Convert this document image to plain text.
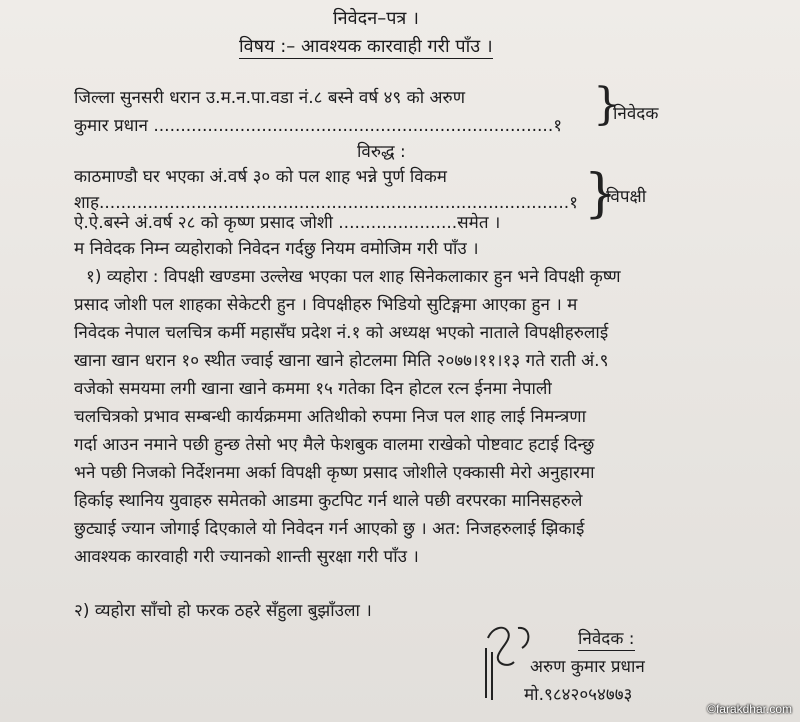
निवेदन–पत्र ।
विषय :– आवश्यक कारवाही गरी पाँउ ।
जिल्ला सुनसरी धरान उ.म.न.पा.वडा नं.८ बस्ने वर्ष ४९ को अरुण
कुमार प्रधान ..........................................................................१ }
निवेदक
विरुद्ध :
काठमाण्डौ घर भएका अं.वर्ष ३० को पल शाह भन्ने पुर्ण विकम
शाह.......................................................................................१
ऐ.ऐ.बस्ने अं.वर्ष २८ को कृष्ण प्रसाद जोशी ......................समेत । }
विपक्षी
म निवेदक निम्न व्यहोराको निवेदन गर्दछु नियम वमोजिम गरी पाँउ ।
१) व्यहोरा : विपक्षी खण्डमा उल्लेख भएका पल शाह सिनेकलाकार हुन भने विपक्षी कृष्ण
प्रसाद जोशी पल शाहका सेकेटरी हुन । विपक्षीहरु भिडियो सुटिङ्गमा आएका हुन । म
निवेदक नेपाल चलचित्र कर्मी महासँघ प्रदेश नं.१ को अध्यक्ष भएको नाताले विपक्षीहरुलाई
खाना खान धरान १० स्थीत ज्वाई खाना खाने होटलमा मिति २०७७।११।१३ गते राती अं.९
वजेको समयमा लगी खाना खाने कममा १५ गतेका दिन होटल रत्न ईनमा नेपाली
चलचित्रको प्रभाव सम्बन्धी कार्यक्रममा अतिथीको रुपमा निज पल शाह लाई निमन्त्रणा
गर्दा आउन नमाने पछी हुन्छ तेसो भए मैले फेशबुक वालमा राखेको पोष्टवाट हटाई दिन्छु
भने पछी निजको निर्देशनमा अर्का विपक्षी कृष्ण प्रसाद जोशीले एक्कासी मेरो अनुहारमा
हिर्काइ स्थानिय युवाहरु समेतको आडमा कुटपिट गर्न थाले पछी वरपरका मानिसहरुले
छुट्याई ज्यान जोगाई दिएकाले यो निवेदन गर्न आएको छु । अत: निजहरुलाई झिकाई
आवश्यक कारवाही गरी ज्यानको शान्ती सुरक्षा गरी पाँउ ।
२) व्यहोरा साँचो हो फरक ठहरे सँहुला बुझाँउला ।
निवेदक :
अरुण कुमार प्रधान
मो.९८४२०५४७७३
©farakdhar.com
